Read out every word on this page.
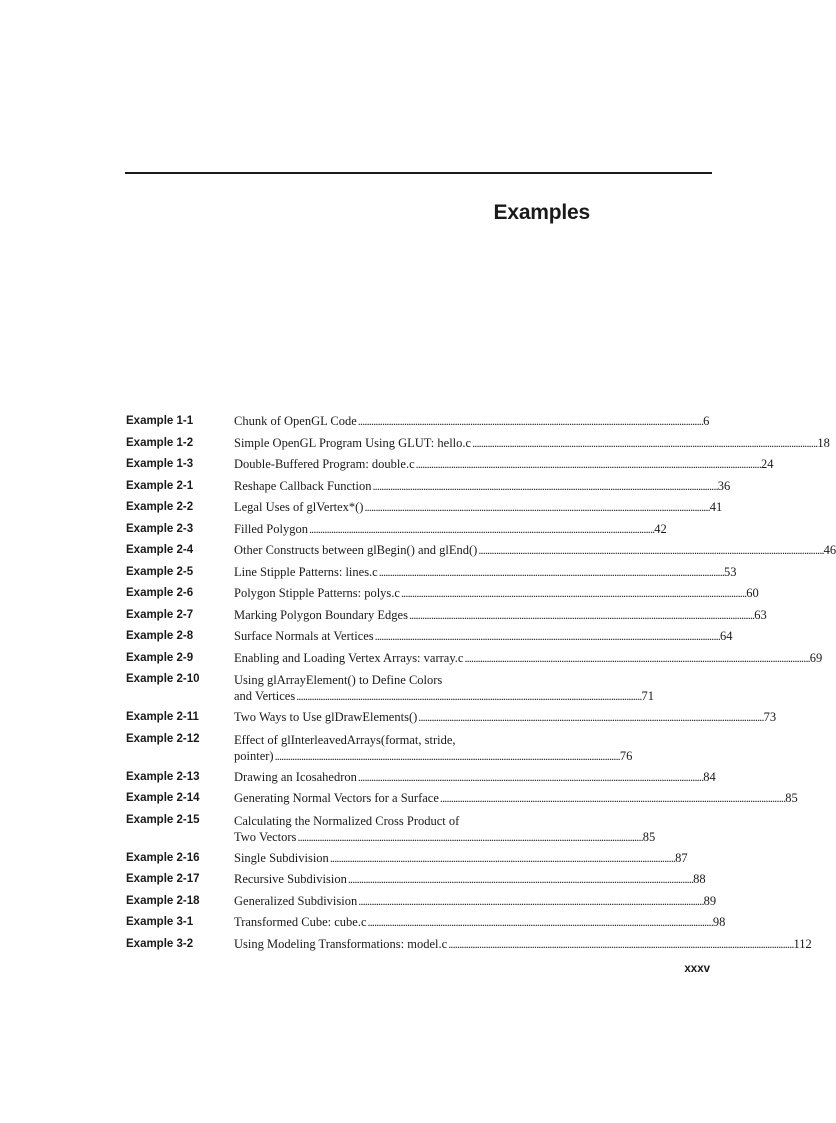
Examples
Example 1-1	Chunk of OpenGL Code . . .	6
Example 1-2	Simple OpenGL Program Using GLUT: hello.c . . .	18
Example 1-3	Double-Buffered Program: double.c . . .	24
Example 2-1	Reshape Callback Function . . .	36
Example 2-2	Legal Uses of glVertex*() . . .	41
Example 2-3	Filled Polygon . . .	42
Example 2-4	Other Constructs between glBegin() and glEnd() . . .	46
Example 2-5	Line Stipple Patterns: lines.c . . .	53
Example 2-6	Polygon Stipple Patterns: polys.c . . .	60
Example 2-7	Marking Polygon Boundary Edges . . .	63
Example 2-8	Surface Normals at Vertices . . .	64
Example 2-9	Enabling and Loading Vertex Arrays: varray.c . . .	69
Example 2-10	Using glArrayElement() to Define Colors
and Vertices . . .	71
Example 2-11	Two Ways to Use glDrawElements() . . .	73
Example 2-12	Effect of glInterleavedArrays(format, stride,
pointer) . . .	76
Example 2-13	Drawing an Icosahedron . . .	84
Example 2-14	Generating Normal Vectors for a Surface . . .	85
Example 2-15	Calculating the Normalized Cross Product of
Two Vectors . . .	85
Example 2-16	Single Subdivision . . .	87
Example 2-17	Recursive Subdivision . . .	88
Example 2-18	Generalized Subdivision . . .	89
Example 3-1	Transformed Cube: cube.c . . .	98
Example 3-2	Using Modeling Transformations: model.c . . .	112
xxxv
